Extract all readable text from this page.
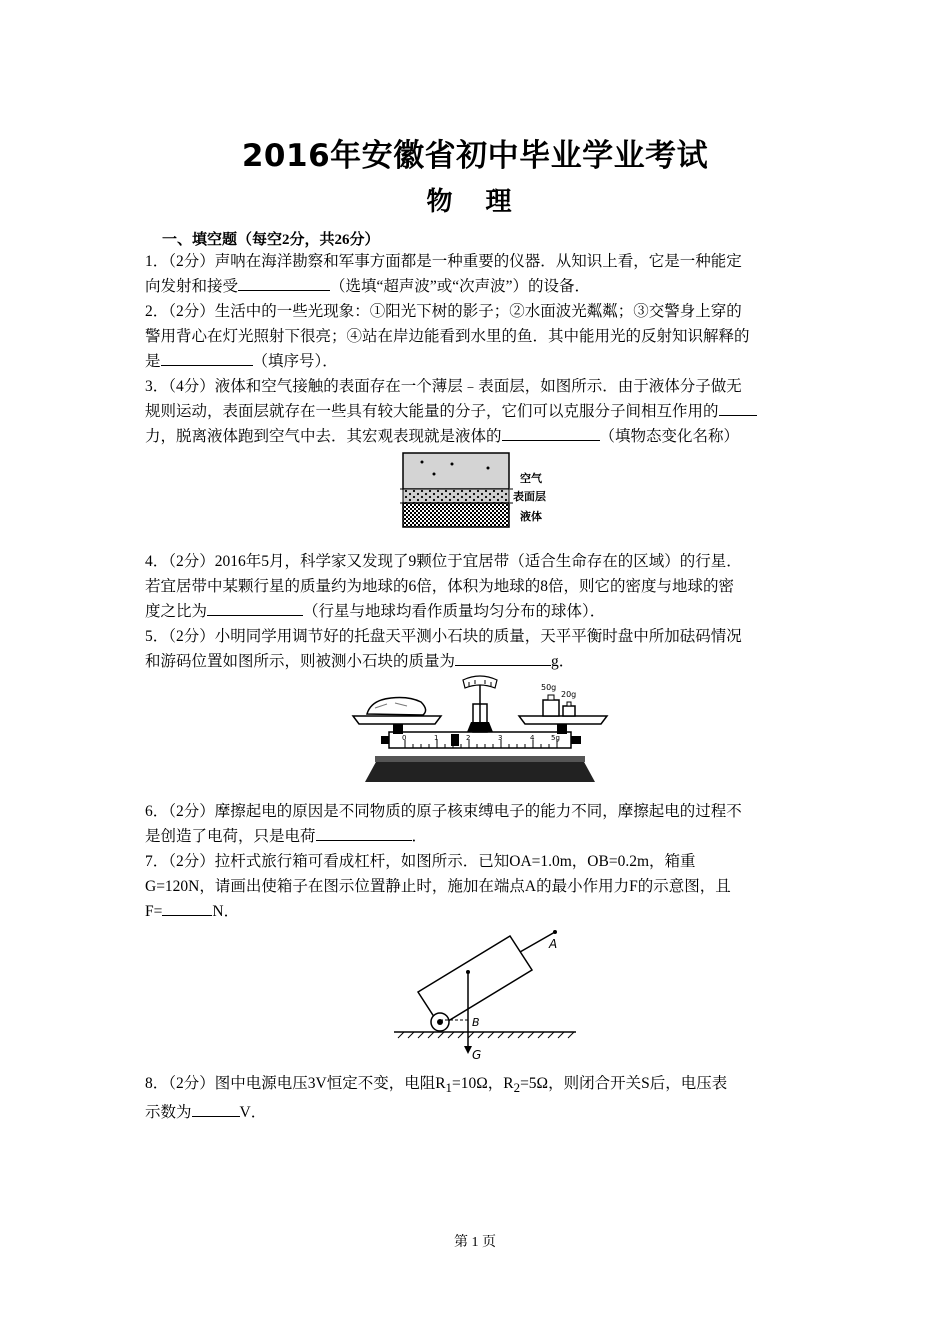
2016年安徽省初中毕业学业考试
物 理
一、填空题（每空2分，共26分）

1．（2分）声呐在海洋勘察和军事方面都是一种重要的仪器．从知识上看，它是一种能定

向发射和接受	（选填“超声波”或“次声波”）的设备．

2．（2分）生活中的一些光现象：①阳光下树的影子；②水面波光粼粼；③交警身上穿的

警用背心在灯光照射下很亮；④站在岸边能看到水里的鱼．其中能用光的反射知识解释的

是	（填序号）．

3．（4分）液体和空气接触的表面存在一个薄层﹣表面层，如图所示．由于液体分子做无

规则运动，表面层就存在一些具有较大能量的分子，它们可以克服分子间相互作用的

力，脱离液体跑到空气中去．其宏观表现就是液体的	（填物态变化名称）

空气
表面层
液体

4．（2分）2016年5月，科学家又发现了9颗位于宜居带（适合生命存在的区域）的行星．

若宜居带中某颗行星的质量约为地球的6倍，体积为地球的8倍，则它的密度与地球的密

度之比为	（行星与地球均看作质量均匀分布的球体）．

5．（2分）小明同学用调节好的托盘天平测小石块的质量，天平平衡时盘中所加砝码情况

和游码位置如图所示，则被测小石块的质量为	g．

0	1	2	3	4 5g
50g
20g

6．（2分）摩擦起电的原因是不同物质的原子核束缚电子的能力不同，摩擦起电的过程不

是创造了电荷，只是电荷	．

7．（2分）拉杆式旅行箱可看成杠杆，如图所示．已知OA=1.0m，OB=0.2m，箱重

G=120N，请画出使箱子在图示位置静止时，施加在端点A的最小作用力F的示意图，且

F=	N．

A
B
G

8．（2分）图中电源电压3V恒定不变，电阻$R_1=10\Omega$，$R_2=5\Omega$，则闭合开关S后，电压表

示数为	V．

第 1 页
